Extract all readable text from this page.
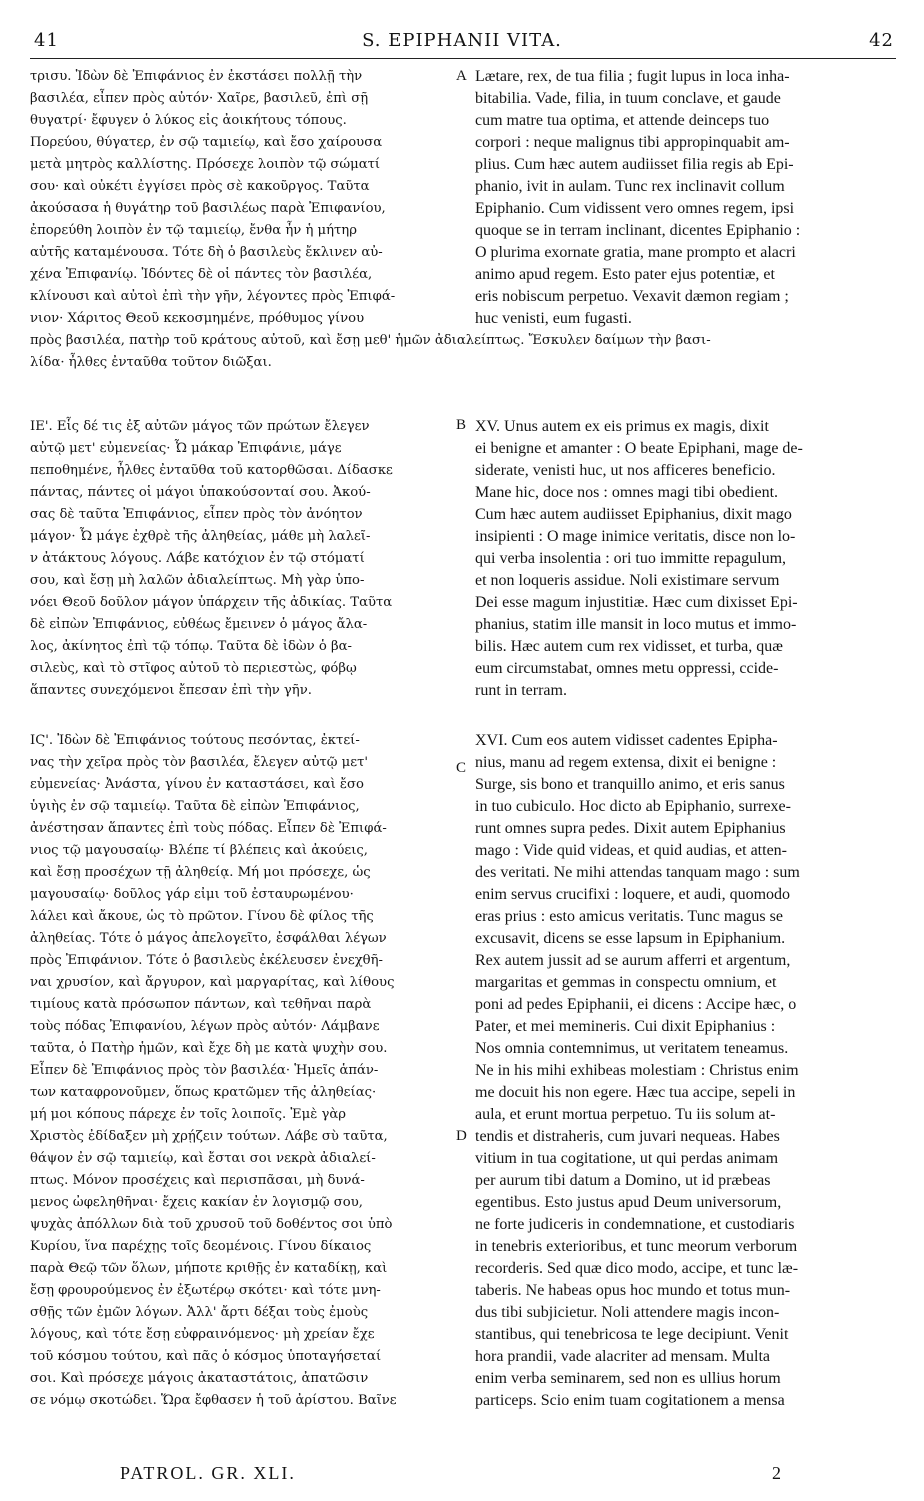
41	S. EPIPHANII VITA.	42
τρισυ. Ἰδὼν δὲ Ἐπιφάνιος ἐν ἐκστάσει πολλῇ τὴν
βασιλέα, εἶπεν πρὸς αὐτόν· Χαῖρε, βασιλεῦ, ἐπὶ σῇ
θυγατρί· ἔφυγεν ὁ λύκος εἰς ἀοικήτους τόπους.
Πορεύου, θύγατερ, ἐν σῷ ταμιείῳ, καὶ ἔσο χαίρουσα
μετὰ μητρὸς καλλίστης. Πρόσεχε λοιπὸν τῷ σώματί
σου· καὶ οὐκέτι ἐγγίσει πρὸς σὲ κακοῦργος. Ταῦτα
ἀκούσασα ἡ θυγάτηρ τοῦ βασιλέως παρὰ Ἐπιφανίου,
ἐπορεύθη λοιπὸν ἐν τῷ ταμιείῳ, ἔνθα ἦν ἡ μήτηρ
αὐτῆς καταμένουσα. Τότε δὴ ὁ βασιλεὺς ἔκλινεν αὐ-
χένα Ἐπιφανίῳ. Ἰδόντες δὲ οἱ πάντες τὸν βασιλέα,
κλίνουσι καὶ αὐτοὶ ἐπὶ τὴν γῆν, λέγοντες πρὸς Ἐπιφά-
νιον· Χάριτος Θεοῦ κεκοσμημένε, πρόθυμος γίνου
Lætare, rex, de tua filia ; fugit lupus in loca inha-
bitabilia. Vade, filia, in tuum conclave, et gaude
cum matre tua optima, et attende deinceps tuo
corpori : neque malignus tibi appropinquabit am-
plius. Cum hæc autem audiisset filia regis ab Epi-
phanio, ivit in aulam. Tunc rex inclinavit collum
Epiphanio. Cum vidissent vero omnes regem, ipsi
quoque se in terram inclinant, dicentes Epiphanio :
O plurima exornate gratia, mane prompto et alacri
animo apud regem. Esto pater ejus potentiæ, et
eris nobiscum perpetuo. Vexavit dæmon regiam ;
huc venisti, eum fugasti.
πρὸς βασιλέα, πατὴρ τοῦ κράτους αὐτοῦ, καὶ ἔσῃ μεθ' ἡμῶν ἀδιαλείπτως. Ἔσκυλεν δαίμων τὴν βασι-
λίδα· ἦλθες ἐνταῦθα τοῦτον διῶξαι.
ΙΕ'. Εἷς δέ τις ἐξ αὐτῶν μάγος τῶν πρώτων ἔλεγεν
αὐτῷ μετ' εὐμενείας· Ὦ μάκαρ Ἐπιφάνιε, μάγε
πεποθημένε, ἦλθες ἐνταῦθα τοῦ κατορθῶσαι. Δίδασκε
πάντας, πάντες οἱ μάγοι ὑπακούσονταί σου. Ἀκού-
σας δὲ ταῦτα Ἐπιφάνιος, εἶπεν πρὸς τὸν ἀνόητον
μάγον· Ὦ μάγε ἐχθρὲ τῆς ἀληθείας, μάθε μὴ λαλεῖ-
ν ἀτάκτους λόγους. Λάβε κατόχιον ἐν τῷ στόματί
σου, καὶ ἔσῃ μὴ λαλῶν ἀδιαλείπτως. Μὴ γὰρ ὑπο-
νόει Θεοῦ δοῦλον μάγον ὑπάρχειν τῆς ἀδικίας. Ταῦτα
δὲ εἰπὼν Ἐπιφάνιος, εὐθέως ἔμεινεν ὁ μάγος ἄλα-
λος, ἀκίνητος ἐπὶ τῷ τόπῳ. Ταῦτα δὲ ἰδὼν ὁ βα-
σιλεὺς, καὶ τὸ στῖφος αὐτοῦ τὸ περιεστὼς, φόβῳ
ἅπαντες συνεχόμενοι ἔπεσαν ἐπὶ τὴν γῆν.
XV. Unus autem ex eis primus ex magis, dixit
ei benigne et amanter : O beate Epiphani, mage de-
siderate, venisti huc, ut nos afficeres beneficio.
Mane hic, doce nos : omnes magi tibi obedient.
Cum hæc autem audiisset Epiphanius, dixit mago
insipienti : O mage inimice veritatis, disce non lo-
qui verba insolentia : ori tuo immitte repagulum,
et non loqueris assidue. Noli existimare servum
Dei esse magum injustitiæ. Hæc cum dixisset Epi-
phanius, statim ille mansit in loco mutus et immo-
bilis. Hæc autem cum rex vidisset, et turba, quæ
eum circumstabat, omnes metu oppressi, ccide-
runt in terram.
ΙϚ'. Ἰδὼν δὲ Ἐπιφάνιος τούτους πεσόντας, ἐκτεί-
νας τὴν χεῖρα πρὸς τὸν βασιλέα, ἔλεγεν αὐτῷ μετ'
εὐμενείας· Ἀνάστα, γίνου ἐν καταστάσει, καὶ ἔσο
ὑγιὴς ἐν σῷ ταμιείῳ. Ταῦτα δὲ εἰπὼν Ἐπιφάνιος,
ἀνέστησαν ἅπαντες ἐπὶ τοὺς πόδας. Εἶπεν δὲ Ἐπιφά-
νιος τῷ μαγουσαίῳ· Βλέπε τί βλέπεις καὶ ἀκούεις,
καὶ ἔσῃ προσέχων τῇ ἀληθείᾳ. Μή μοι πρόσεχε, ὡς
μαγουσαίῳ· δοῦλος γάρ εἰμι τοῦ ἐσταυρωμένου·
λάλει καὶ ἄκουε, ὡς τὸ πρῶτον. Γίνου δὲ φίλος τῆς
ἀληθείας. Τότε ὁ μάγος ἀπελογεῖτο, ἐσφάλθαι λέγων
πρὸς Ἐπιφάνιον. Τότε ὁ βασιλεὺς ἐκέλευσεν ἐνεχθῆ-
ναι χρυσίον, καὶ ἄργυρον, καὶ μαργαρίτας, καὶ λίθους
τιμίους κατὰ πρόσωπον πάντων, καὶ τεθῆναι παρὰ
τοὺς πόδας Ἐπιφανίου, λέγων πρὸς αὐτόν· Λάμβανε
ταῦτα, ὁ Πατὴρ ἡμῶν, καὶ ἔχε δὴ με κατὰ ψυχὴν σου.
Εἶπεν δὲ Ἐπιφάνιος πρὸς τὸν βασιλέα· Ἡμεῖς ἁπάν-
των καταφρονοῦμεν, ὅπως κρατῶμεν τῆς ἀληθείας·
μή μοι κόπους πάρεχε ἐν τοῖς λοιποῖς. Ἐμὲ γὰρ
Χριστὸς ἐδίδαξεν μὴ χρῄζειν τούτων. Λάβε σὺ ταῦτα,
θάψον ἐν σῷ ταμιείῳ, καὶ ἔσται σοι νεκρὰ ἀδιαλεί-
πτως. Μόνον προσέχεις καὶ περισπᾶσαι, μὴ δυνά-
μενος ὠφεληθῆναι· ἔχεις κακίαν ἐν λογισμῷ σου,
ψυχὰς ἀπόλλων διὰ τοῦ χρυσοῦ τοῦ δοθέντος σοι ὑπὸ
Κυρίου, ἵνα παρέχῃς τοῖς δεομένοις. Γίνου δίκαιος
παρὰ Θεῷ τῶν ὅλων, μήποτε κριθῇς ἐν καταδίκῃ, καὶ
ἔσῃ φρουρούμενος ἐν ἐξωτέρῳ σκότει· καὶ τότε μνη-
σθῇς τῶν ἐμῶν λόγων. Ἀλλ' ἄρτι δέξαι τοὺς ἐμοὺς
λόγους, καὶ τότε ἔσῃ εὐφραινόμενος· μὴ χρείαν ἔχε
τοῦ κόσμου τούτου, καὶ πᾶς ὁ κόσμος ὑποταγήσεταί
σοι. Καὶ πρόσεχε μάγοις ἀκαταστάτοις, ἀπατῶσιν
σε νόμῳ σκοτώδει. Ὥρα ἔφθασεν ἡ τοῦ ἀρίστου. Βαῖνε
XVI. Cum eos autem vidisset cadentes Epipha-
nius, manu ad regem extensa, dixit ei benigne :
Surge, sis bono et tranquillo animo, et eris sanus
in tuo cubiculo. Hoc dicto ab Epiphanio, surrexe-
runt omnes supra pedes. Dixit autem Epiphanius
mago : Vide quid videas, et quid audias, et atten-
des veritati. Ne mihi attendas tanquam mago : sum
enim servus crucifixi : loquere, et audi, quomodo
eras prius : esto amicus veritatis. Tunc magus se
excusavit, dicens se esse lapsum in Epiphanium.
Rex autem jussit ad se aurum afferri et argentum,
margaritas et gemmas in conspectu omnium, et
poni ad pedes Epiphanii, ei dicens : Accipe hæc, o
Pater, et mei memineris. Cui dixit Epiphanius :
Nos omnia contemnimus, ut veritatem teneamus.
Ne in his mihi exhibeas molestiam : Christus enim
me docuit his non egere. Hæc tua accipe, sepeli in
aula, et erunt mortua perpetuo. Tu iis solum at-
tendis et distraheris, cum juvari nequeas. Habes
vitium in tua cogitatione, ut qui perdas animam
per aurum tibi datum a Domino, ut id præbeas
egentibus. Esto justus apud Deum universorum,
ne forte judiceris in condemnatione, et custodiaris
in tenebris exterioribus, et tunc meorum verborum
recorderis. Sed quæ dico modo, accipe, et tunc læ-
taberis. Ne habeas opus hoc mundo et totus mun-
dus tibi subjicietur. Noli attendere magis incon-
stantibus, qui tenebricosa te lege decipiunt. Venit
hora prandii, vade alacriter ad mensam. Multa
enim verba seminarem, sed non es ullius horum
particeps. Scio enim tuam cogitationem a mensa
A
B
C
D
PATROL. GR. XLI.	2
